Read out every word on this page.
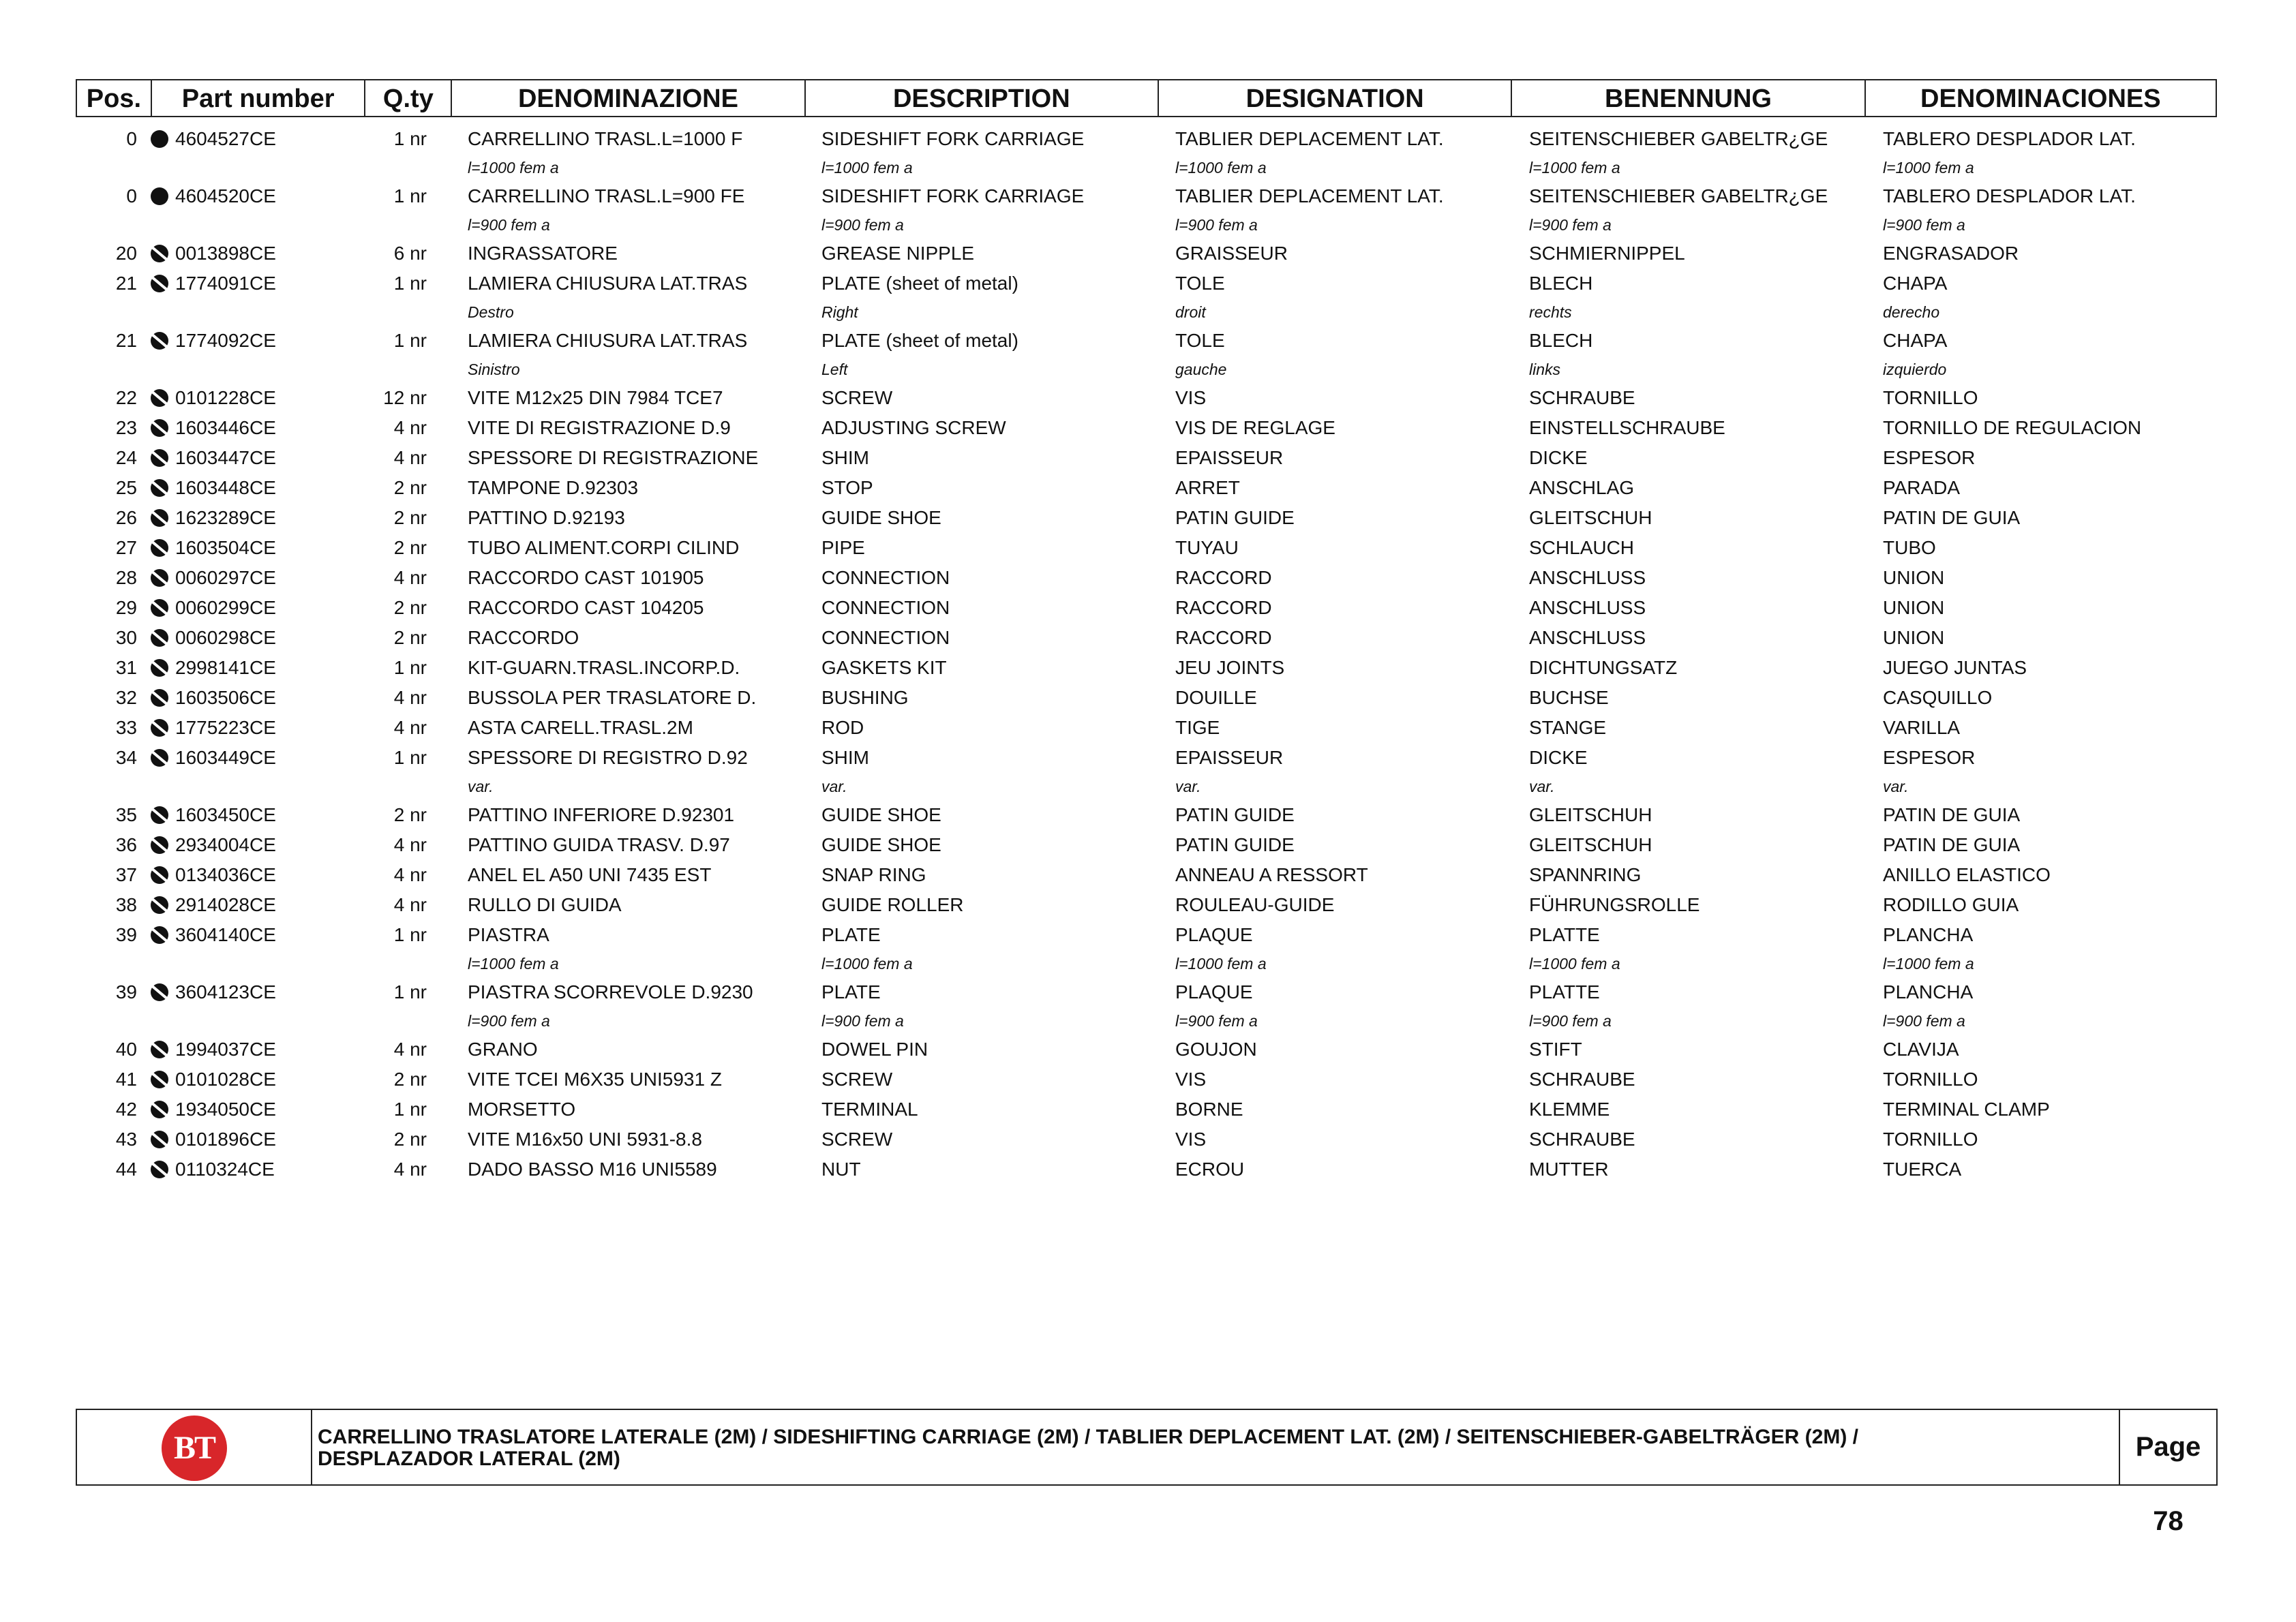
Pos.	Part number	Q.ty	DENOMINAZIONE	DESCRIPTION	DESIGNATION	BENENNUNG	DENOMINACIONES
0	4604527CE	1 nr	CARRELLINO TRASL.L=1000 F	SIDESHIFT FORK CARRIAGE	TABLIER DEPLACEMENT LAT.	SEITENSCHIEBER GABELTR¿GE	TABLERO DESPLADOR LAT.
l=1000 fem a	l=1000 fem a	l=1000 fem a	l=1000 fem a	l=1000 fem a
0	4604520CE	1 nr	CARRELLINO TRASL.L=900 FE	SIDESHIFT FORK CARRIAGE	TABLIER DEPLACEMENT LAT.	SEITENSCHIEBER GABELTR¿GE	TABLERO DESPLADOR LAT.
l=900 fem a	l=900 fem a	l=900 fem a	l=900 fem a	l=900 fem a
20	0013898CE	6 nr	INGRASSATORE	GREASE NIPPLE	GRAISSEUR	SCHMIERNIPPEL	ENGRASADOR
21	1774091CE	1 nr	LAMIERA CHIUSURA LAT.TRAS	PLATE (sheet of metal)	TOLE	BLECH	CHAPA
Destro	Right	droit	rechts	derecho
21	1774092CE	1 nr	LAMIERA CHIUSURA LAT.TRAS	PLATE (sheet of metal)	TOLE	BLECH	CHAPA
Sinistro	Left	gauche	links	izquierdo
22	0101228CE	12 nr	VITE M12x25 DIN 7984 TCE7	SCREW	VIS	SCHRAUBE	TORNILLO
23	1603446CE	4 nr	VITE DI REGISTRAZIONE D.9	ADJUSTING SCREW	VIS DE REGLAGE	EINSTELLSCHRAUBE	TORNILLO DE REGULACION
24	1603447CE	4 nr	SPESSORE DI REGISTRAZIONE	SHIM	EPAISSEUR	DICKE	ESPESOR
25	1603448CE	2 nr	TAMPONE D.92303	STOP	ARRET	ANSCHLAG	PARADA
26	1623289CE	2 nr	PATTINO D.92193	GUIDE SHOE	PATIN GUIDE	GLEITSCHUH	PATIN DE GUIA
27	1603504CE	2 nr	TUBO ALIMENT.CORPI CILIND	PIPE	TUYAU	SCHLAUCH	TUBO
28	0060297CE	4 nr	RACCORDO CAST 101905	CONNECTION	RACCORD	ANSCHLUSS	UNION
29	0060299CE	2 nr	RACCORDO CAST 104205	CONNECTION	RACCORD	ANSCHLUSS	UNION
30	0060298CE	2 nr	RACCORDO	CONNECTION	RACCORD	ANSCHLUSS	UNION
31	2998141CE	1 nr	KIT-GUARN.TRASL.INCORP.D.	GASKETS KIT	JEU JOINTS	DICHTUNGSATZ	JUEGO JUNTAS
32	1603506CE	4 nr	BUSSOLA PER TRASLATORE D.	BUSHING	DOUILLE	BUCHSE	CASQUILLO
33	1775223CE	4 nr	ASTA CARELL.TRASL.2M	ROD	TIGE	STANGE	VARILLA
34	1603449CE	1 nr	SPESSORE DI REGISTRO D.92	SHIM	EPAISSEUR	DICKE	ESPESOR
var.	var.	var.	var.	var.
35	1603450CE	2 nr	PATTINO INFERIORE D.92301	GUIDE SHOE	PATIN GUIDE	GLEITSCHUH	PATIN DE GUIA
36	2934004CE	4 nr	PATTINO GUIDA TRASV. D.97	GUIDE SHOE	PATIN GUIDE	GLEITSCHUH	PATIN DE GUIA
37	0134036CE	4 nr	ANEL EL A50 UNI 7435 EST	SNAP RING	ANNEAU A RESSORT	SPANNRING	ANILLO ELASTICO
38	2914028CE	4 nr	RULLO DI GUIDA	GUIDE ROLLER	ROULEAU-GUIDE	FÜHRUNGSROLLE	RODILLO GUIA
39	3604140CE	1 nr	PIASTRA	PLATE	PLAQUE	PLATTE	PLANCHA
l=1000 fem a	l=1000 fem a	l=1000 fem a	l=1000 fem a	l=1000 fem a
39	3604123CE	1 nr	PIASTRA SCORREVOLE D.9230	PLATE	PLAQUE	PLATTE	PLANCHA
l=900 fem a	l=900 fem a	l=900 fem a	l=900 fem a	l=900 fem a
40	1994037CE	4 nr	GRANO	DOWEL PIN	GOUJON	STIFT	CLAVIJA
41	0101028CE	2 nr	VITE TCEI M6X35 UNI5931 Z	SCREW	VIS	SCHRAUBE	TORNILLO
42	1934050CE	1 nr	MORSETTO	TERMINAL	BORNE	KLEMME	TERMINAL CLAMP
43	0101896CE	2 nr	VITE M16x50 UNI 5931-8.8	SCREW	VIS	SCHRAUBE	TORNILLO
44	0110324CE	4 nr	DADO BASSO M16 UNI5589	NUT	ECROU	MUTTER	TUERCA
BT	CARRELLINO TRASLATORE LATERALE (2M) / SIDESHIFTING CARRIAGE (2M) / TABLIER DEPLACEMENT LAT. (2M) / SEITENSCHIEBER-GABELTRÄGER (2M) /
DESPLAZADOR LATERAL (2M)	Page 78
